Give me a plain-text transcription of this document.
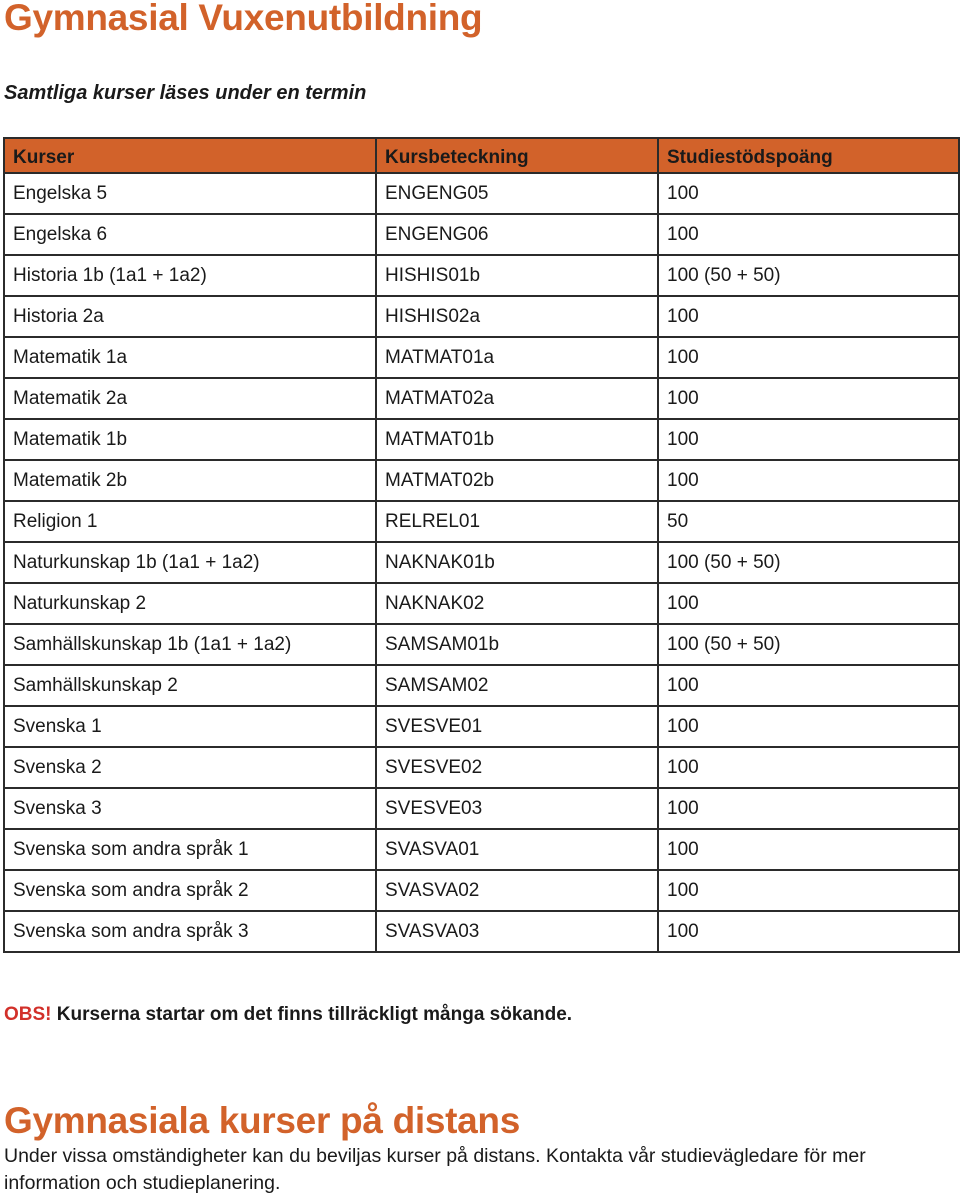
Gymnasial Vuxenutbildning

Samtliga kurser läses under en termin

Kurser	Kursbeteckning	Studiestödspoäng
Engelska 5	ENGENG05	100
Engelska 6	ENGENG06	100
Historia 1b (1a1 + 1a2)	HISHIS01b	100 (50 + 50)
Historia 2a	HISHIS02a	100
Matematik 1a	MATMAT01a	100
Matematik 2a	MATMAT02a	100
Matematik 1b	MATMAT01b	100
Matematik 2b	MATMAT02b	100
Religion 1	RELREL01	50
Naturkunskap 1b (1a1 + 1a2)	NAKNAK01b	100 (50 + 50)
Naturkunskap 2	NAKNAK02	100
Samhällskunskap 1b (1a1 + 1a2)	SAMSAM01b	100 (50 + 50)
Samhällskunskap 2	SAMSAM02	100
Svenska 1	SVESVE01	100
Svenska 2	SVESVE02	100
Svenska 3	SVESVE03	100
Svenska som andra språk 1	SVASVA01	100
Svenska som andra språk 2	SVASVA02	100
Svenska som andra språk 3	SVASVA03	100

OBS! Kurserna startar om det finns tillräckligt många sökande.

Gymnasiala kurser på distans

Under vissa omständigheter kan du beviljas kurser på distans. Kontakta vår studievägledare för mer information och studieplanering.
